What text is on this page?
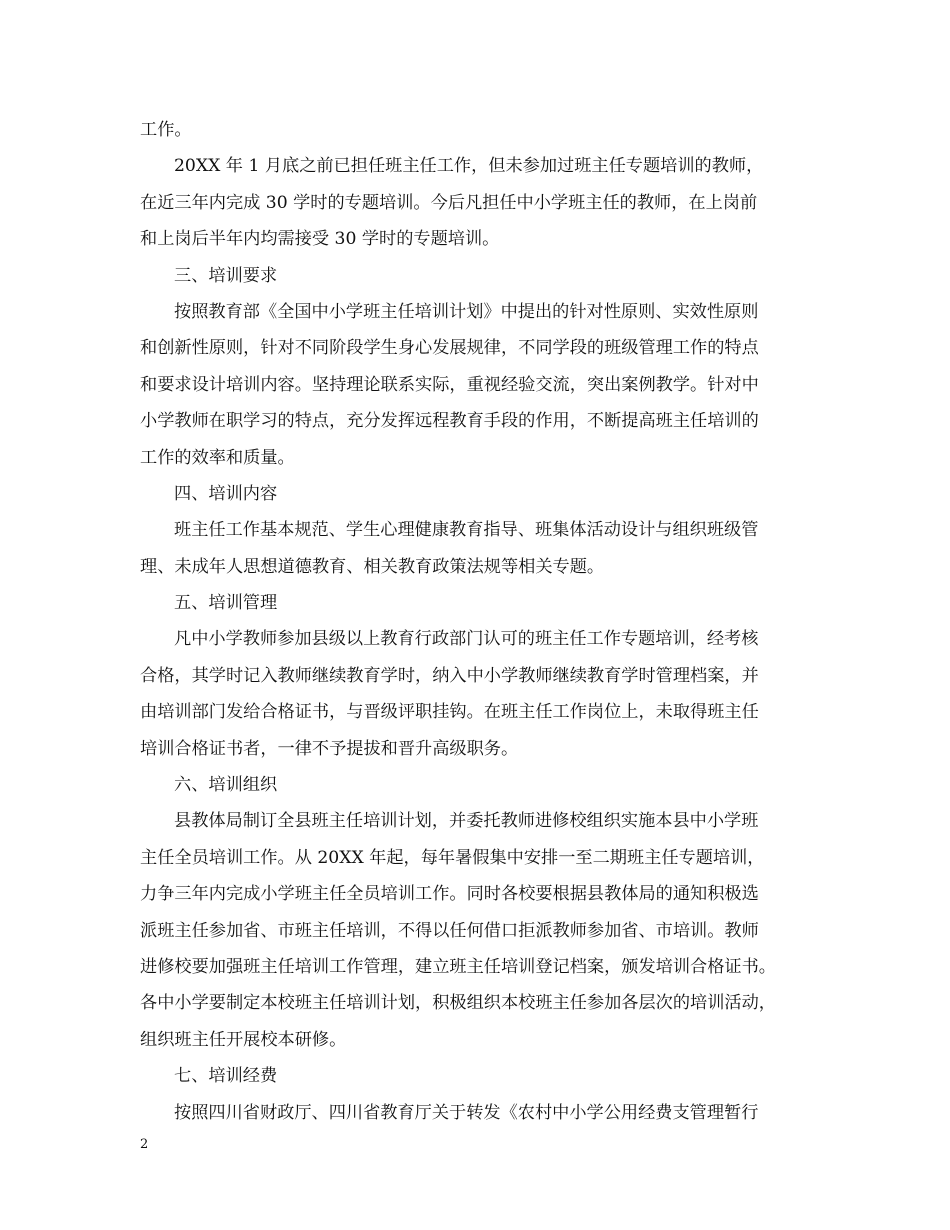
工作。
20XX 年 1 月底之前已担任班主任工作，但未参加过班主任专题培训的教师，
在近三年内完成 30 学时的专题培训。今后凡担任中小学班主任的教师，在上岗前
和上岗后半年内均需接受 30 学时的专题培训。
三、培训要求
按照教育部《全国中小学班主任培训计划》中提出的针对性原则、实效性原则
和创新性原则，针对不同阶段学生身心发展规律，不同学段的班级管理工作的特点
和要求设计培训内容。坚持理论联系实际，重视经验交流，突出案例教学。针对中
小学教师在职学习的特点，充分发挥远程教育手段的作用，不断提高班主任培训的
工作的效率和质量。
四、培训内容
班主任工作基本规范、学生心理健康教育指导、班集体活动设计与组织班级管
理、未成年人思想道德教育、相关教育政策法规等相关专题。
五、培训管理
凡中小学教师参加县级以上教育行政部门认可的班主任工作专题培训，经考核
合格，其学时记入教师继续教育学时，纳入中小学教师继续教育学时管理档案，并
由培训部门发给合格证书，与晋级评职挂钩。在班主任工作岗位上，未取得班主任
培训合格证书者，一律不予提拔和晋升高级职务。
六、培训组织
县教体局制订全县班主任培训计划，并委托教师进修校组织实施本县中小学班
主任全员培训工作。从 20XX 年起，每年暑假集中安排一至二期班主任专题培训，
力争三年内完成小学班主任全员培训工作。同时各校要根据县教体局的通知积极选
派班主任参加省、市班主任培训，不得以任何借口拒派教师参加省、市培训。教师
进修校要加强班主任培训工作管理，建立班主任培训登记档案，颁发培训合格证书。
各中小学要制定本校班主任培训计划，积极组织本校班主任参加各层次的培训活动，
组织班主任开展校本研修。
七、培训经费
按照四川省财政厅、四川省教育厅关于转发《农村中小学公用经费支管理暂行
2
